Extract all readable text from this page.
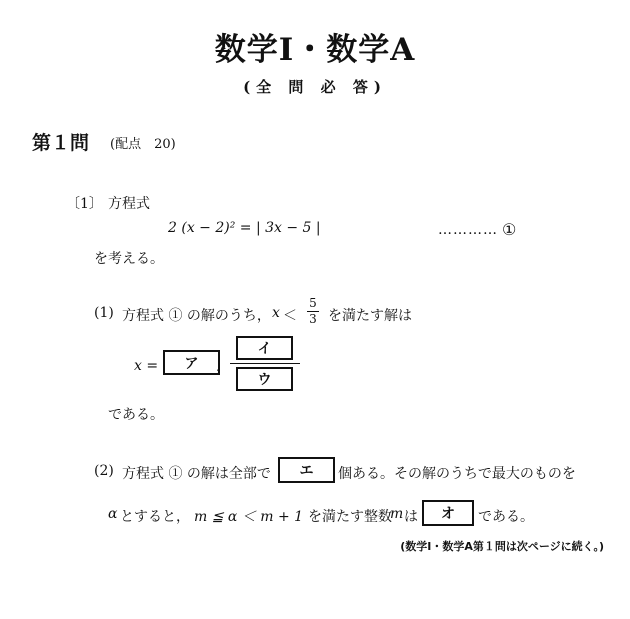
数学Ⅰ・数学A
(全 問 必 答)
第１問 (配点　20)
〔1〕 方程式
2 (x − 2)² = | 3x − 5 |	………… ①
を考える。
(1) 方程式 ① の解のうち， x ＜
5
3 を満たす解は
x =	ア	，
イ
ウ
である。
(2) 方程式 ① の解は全部で	エ	個ある。その解のうちで最大のものを
α とすると， m ≦ α ＜ m + 1 を満たす整数
m は	オ	である。
(数学Ⅰ・数学A第１問は次ページに続く。)
